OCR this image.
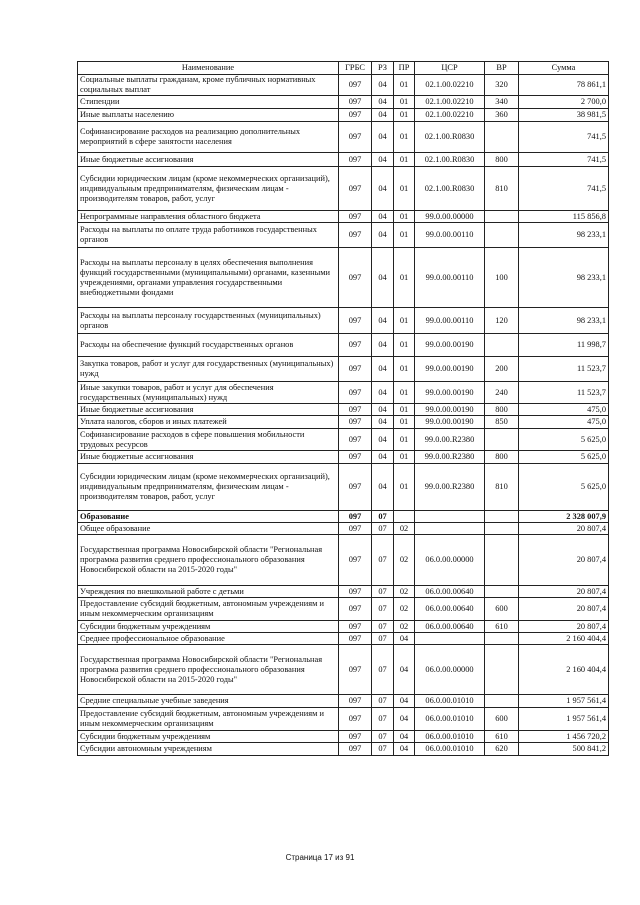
Наименование	ГРБС	РЗ	ПР	ЦСР	ВР	Сумма
Социальные выплаты гражданам, кроме публичных нормативных социальных выплат	097	04	01	02.1.00.02210	320	78 861,1
Стипендии	097	04	01	02.1.00.02210	340	2 700,0
Иные выплаты населению	097	04	01	02.1.00.02210	360	38 981,5
Софинансирование расходов на реализацию дополнительных мероприятий в сфере занятости населения	097	04	01	02.1.00.R0830		741,5
Иные бюджетные ассигнования	097	04	01	02.1.00.R0830	800	741,5
Субсидии юридическим лицам (кроме некоммерческих организаций), индивидуальным предпринимателям, физическим лицам - производителям товаров, работ, услуг	097	04	01	02.1.00.R0830	810	741,5
Непрограммные направления областного бюджета	097	04	01	99.0.00.00000		115 856,8
Расходы на выплаты по оплате труда работников государственных органов	097	04	01	99.0.00.00110		98 233,1
Расходы на выплаты персоналу в целях обеспечения выполнения функций государственными (муниципальными) органами, казенными учреждениями, органами управления государственными внебюджетными фондами	097	04	01	99.0.00.00110	100	98 233,1
Расходы на выплаты персоналу государственных (муниципальных) органов	097	04	01	99.0.00.00110	120	98 233,1
Расходы на обеспечение функций государственных органов	097	04	01	99.0.00.00190		11 998,7
Закупка товаров, работ и услуг для государственных (муниципальных) нужд	097	04	01	99.0.00.00190	200	11 523,7
Иные закупки товаров, работ и услуг для обеспечения государственных (муниципальных) нужд	097	04	01	99.0.00.00190	240	11 523,7
Иные бюджетные ассигнования	097	04	01	99.0.00.00190	800	475,0
Уплата налогов, сборов и иных платежей	097	04	01	99.0.00.00190	850	475,0
Софинансирование расходов в сфере повышения мобильности трудовых ресурсов	097	04	01	99.0.00.R2380		5 625,0
Иные бюджетные ассигнования	097	04	01	99.0.00.R2380	800	5 625,0
Субсидии юридическим лицам (кроме некоммерческих организаций), индивидуальным предпринимателям, физическим лицам - производителям товаров, работ, услуг	097	04	01	99.0.00.R2380	810	5 625,0
Образование	097	07				2 328 007,9
Общее образование	097	07	02			20 807,4
Государственная программа Новосибирской области "Региональная программа развития среднего профессионального образования Новосибирской области на 2015-2020 годы"	097	07	02	06.0.00.00000		20 807,4
Учреждения по внешкольной работе с детьми	097	07	02	06.0.00.00640		20 807,4
Предоставление субсидий бюджетным, автономным учреждениям и иным некоммерческим организациям	097	07	02	06.0.00.00640	600	20 807,4
Субсидии бюджетным учреждениям	097	07	02	06.0.00.00640	610	20 807,4
Среднее профессиональное образование	097	07	04			2 160 404,4
Государственная программа Новосибирской области "Региональная программа развития среднего профессионального образования Новосибирской области на 2015-2020 годы"	097	07	04	06.0.00.00000		2 160 404,4
Средние специальные учебные заведения	097	07	04	06.0.00.01010		1 957 561,4
Предоставление субсидий бюджетным, автономным учреждениям и иным некоммерческим организациям	097	07	04	06.0.00.01010	600	1 957 561,4
Субсидии бюджетным учреждениям	097	07	04	06.0.00.01010	610	1 456 720,2
Субсидии автономным учреждениям	097	07	04	06.0.00.01010	620	500 841,2
Страница 17 из 91
